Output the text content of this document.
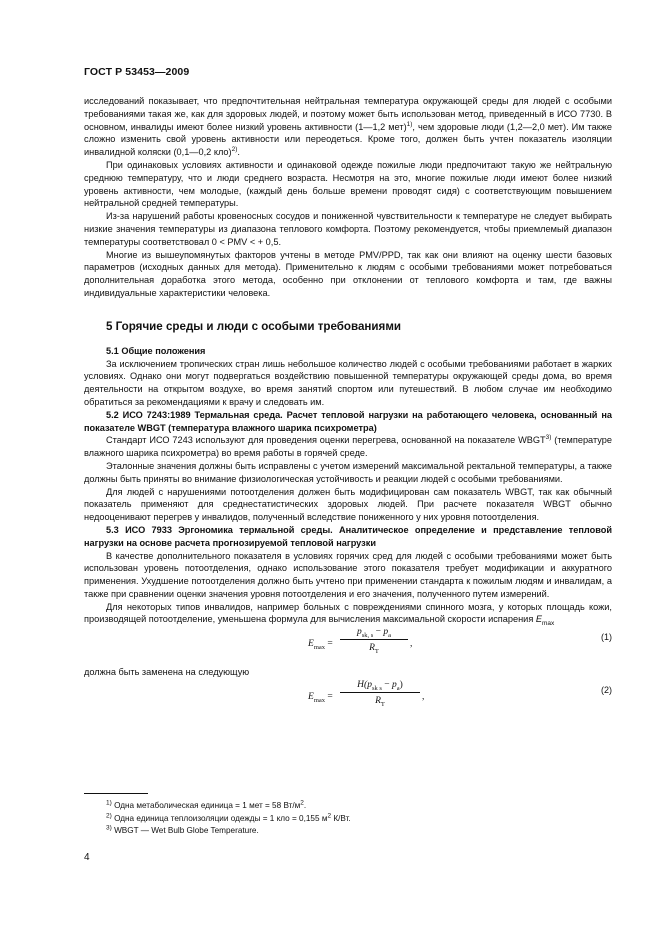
ГОСТ Р 53453—2009

исследований показывает, что предпочтительная нейтральная температура окружающей среды для людей с особыми требованиями такая же, как для здоровых людей, и поэтому может быть использован метод, приведенный в ИСО 7730. В основном, инвалиды имеют более низкий уровень активности (1—1,2 мет)$^{1)}$, чем здоровые люди (1,2—2,0 мет). Им также сложно изменить свой уровень активности или переодеться. Кроме того, должен быть учтен показатель изоляции инвалидной коляски (0,1—0,2 кло)$^{2)}$.

При одинаковых условиях активности и одинаковой одежде пожилые люди предпочитают такую же нейтральную среднюю температуру, что и люди среднего возраста. Несмотря на это, многие пожилые люди имеют более низкий уровень активности, чем молодые, (каждый день больше времени проводят сидя) с соответствующим повышением нейтральной средней температуры.

Из-за нарушений работы кровеносных сосудов и пониженной чувствительности к температуре не следует выбирать низкие значения температуры из диапазона теплового комфорта. Поэтому рекомендуется, чтобы приемлемый диапазон температуры соответствовал 0 < PMV < + 0,5.

Многие из вышеупомянутых факторов учтены в методе PMV/PPD, так как они влияют на оценку шести базовых параметров (исходных данных для метода). Применительно к людям с особыми требованиями может потребоваться дополнительная доработка этого метода, особенно при отклонении от теплового комфорта и там, где важны индивидуальные характеристики человека.

5 Горячие среды и люди с особыми требованиями

5.1 Общие положения

За исключением тропических стран лишь небольшое количество людей с особыми требованиями работает в жарких условиях. Однако они могут подвергаться воздействию повышенной температуры окружающей среды дома, во время деятельности на открытом воздухе, во время занятий спортом или путешествий. В любом случае им необходимо обратиться за рекомендациями к врачу и следовать им.

5.2 ИСО 7243:1989 Термальная среда. Расчет тепловой нагрузки на работающего человека, основанный на показателе WBGT (температура влажного шарика психрометра)

Стандарт ИСО 7243 используют для проведения оценки перегрева, основанной на показателе WBGT$^{3)}$ (температуре влажного шарика психрометра) во время работы в горячей среде.

Эталонные значения должны быть исправлены с учетом измерений максимальной ректальной температуры, а также должны быть приняты во внимание физиологическая устойчивость и реакции людей с особыми требованиями.

Для людей с нарушениями потоотделения должен быть модифицирован сам показатель WBGT, так как обычный показатель применяют для среднестатистических здоровых людей. При расчете показателя WBGT обычно недооценивают перегрев у инвалидов, полученный вследствие пониженного у них уровня потоотделения.

5.3 ИСО 7933 Эргономика термальной среды. Аналитическое определение и представление тепловой нагрузки на основе расчета прогнозируемой тепловой нагрузки

В качестве дополнительного показателя в условиях горячих сред для людей с особыми требованиями может быть использован уровень потоотделения, однако использование этого показателя требует модификации и аккуратного применения. Ухудшение потоотделения должно быть учтено при применении стандарта к пожилым людям и инвалидам, а также при сравнении оценки значения уровня потоотделения и его значения, полученного путем измерений.

Для некоторых типов инвалидов, например больных с повреждениями спинного мозга, у которых площадь кожи, производящей потоотделение, уменьшена формула для вычисления максимальной скорости испарения $E_{max}$

$E_{max}$ =
$p_{sk, s} - p_a$
$R_T$
,
(1)

должна быть заменена на следующую

$E_{max}$ =
$H(p_{sk s} - p_a)$
$R_T$
,
(2)
$^{1)}$ Одна метаболическая единица = 1 мет = 58 $Вт/м^2$.
$^{2)}$ Одна единица теплоизоляции одежды = 1 кло = 0,155 $м^2$ К/Вт.
$^{3)}$ WBGT — Wet Bulb Globe Temperature.
4
